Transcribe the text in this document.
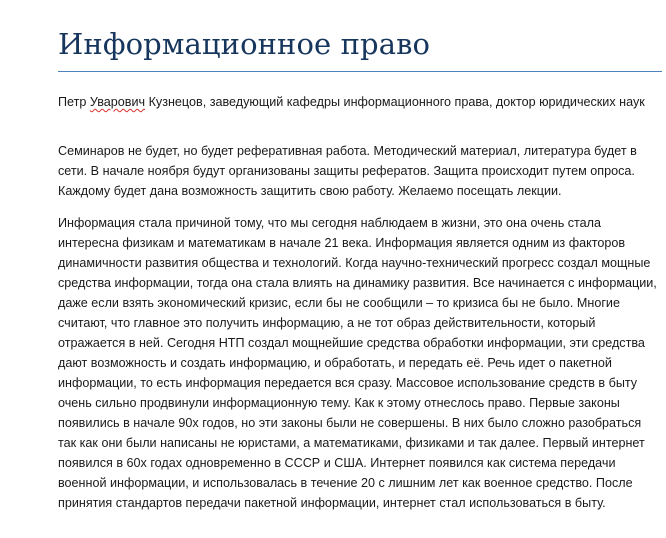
Информационное право

Петр Уварович Кузнецов, заведующий кафедры информационного права, доктор юридических наук

Семинаров не будет, но будет реферативная работа. Методический материал, литература будет в сети. В начале ноября будут организованы защиты рефератов. Защита происходит путем опроса. Каждому будет дана возможность защитить свою работу. Желаемо посещать лекции.

Информация стала причиной тому, что мы сегодня наблюдаем в жизни, это она очень стала интересна физикам и математикам в начале 21 века. Информация является одним из факторов динамичности развития общества и технологий. Когда научно-технический прогресс создал мощные средства информации, тогда она стала влиять на динамику развития. Все начинается с информации, даже если взять экономический кризис, если бы не сообщили – то кризиса бы не было. Многие считают, что главное это получить информацию, а не тот образ действительности, который отражается в ней. Сегодня НТП создал мощнейшие средства обработки информации, эти средства дают возможность и создать информацию, и обработать, и передать её. Речь идет о пакетной информации, то есть информация передается вся сразу. Массовое использование средств в быту очень сильно продвинули информационную тему. Как к этому отнеслось право. Первые законы появились в начале 90х годов, но эти законы были не совершены. В них было сложно разобраться так как они были написаны не юристами, а математиками, физиками и так далее. Первый интернет появился в 60х годах одновременно в СССР и США. Интернет появился как система передачи военной информации, и использовалась в течение 20 с лишним лет как военное средство. После принятия стандартов передачи пакетной информации, интернет стал использоваться в быту.
